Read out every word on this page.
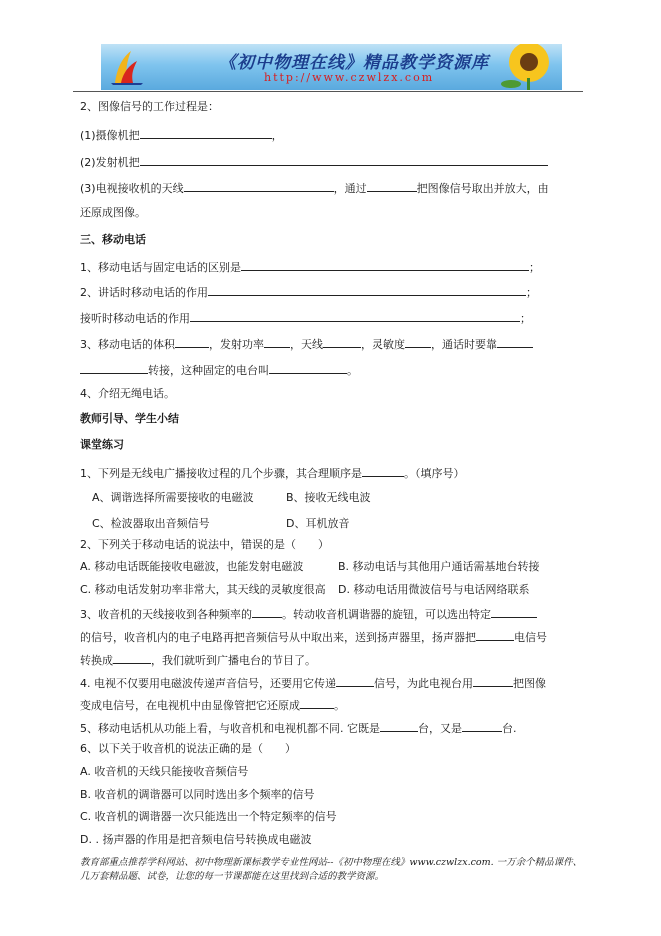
《初中物理在线》精品教学资源库
http://www.czwlzx.com
2、图像信号的工作过程是：
(1)摄像机把	，
(2)发射机把
(3)电视接收机的天线	，通过	把图像信号取出并放大，由
还原成图像。
三、移动电话
1、移动电话与固定电话的区别是	；
2、讲话时移动电话的作用	；
接听时移动电话的作用	；
3、移动电话的体积	，发射功率 ，天线	，灵敏度 ，通话时要靠
转接，这种固定的电台叫	。
4、介绍无绳电话。
教师引导、学生小结
课堂练习
1、下列是无线电广播接收过程的几个步骤，其合理顺序是	。（填序号）
A、调谐选择所需要接收的电磁波	B、接收无线电波
C、检波器取出音频信号	D、耳机放音
2、下列关于移动电话的说法中，错误的是（　　）
A. 移动电话既能接收电磁波，也能发射电磁波	B. 移动电话与其他用户通话需基地台转接
C. 移动电话发射功率非常大，其天线的灵敏度很高 D. 移动电话用微波信号与电话网络联系
3、收音机的天线接收到各种频率的	。转动收音机调谐器的旋钮，可以选出特定
的信号，收音机内的电子电路再把音频信号从中取出来，送到扬声器里，扬声器把	电信号
转换成	，我们就听到广播电台的节目了。
4. 电视不仅要用电磁波传递声音信号，还要用它传递	信号，为此电视台用	把图像
变成电信号，在电视机中由显像管把它还原成	。
5、移动电话机从功能上看，与收音机和电视机都不同. 它既是	台，又是	台.
6、以下关于收音机的说法正确的是（　　）
A. 收音机的天线只能接收音频信号
B. 收音机的调谐器可以同时选出多个频率的信号
C. 收音机的调谐器一次只能选出一个特定频率的信号
D. . 扬声器的作用是把音频电信号转换成电磁波
教育部重点推荐学科网站、初中物理新课标教学专业性网站--《初中物理在线》www.czwlzx.com. 一万余个精品课件、
几万套精品题、试卷，让您的每一节课都能在这里找到合适的教学资源。
